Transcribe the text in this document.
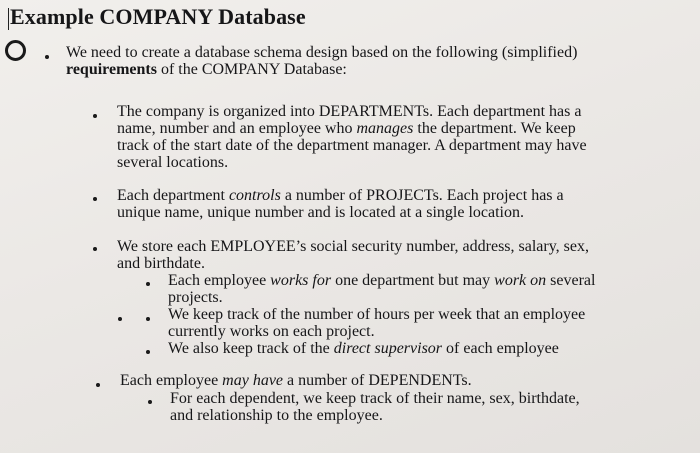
Example COMPANY Database
We need to create a database schema design based on the following (simplified)
requirements of the COMPANY Database:
The company is organized into DEPARTMENTs. Each department has a
name, number and an employee who manages the department. We keep
track of the start date of the department manager. A department may have
several locations.
Each department controls a number of PROJECTs. Each project has a
unique name, unique number and is located at a single location.
We store each EMPLOYEE’s social security number, address, salary, sex,
and birthdate.
Each employee works for one department but may work on several
projects.
We keep track of the number of hours per week that an employee
currently works on each project.
We also keep track of the direct supervisor of each employee
Each employee may have a number of DEPENDENTs.
For each dependent, we keep track of their name, sex, birthdate,
and relationship to the employee.
